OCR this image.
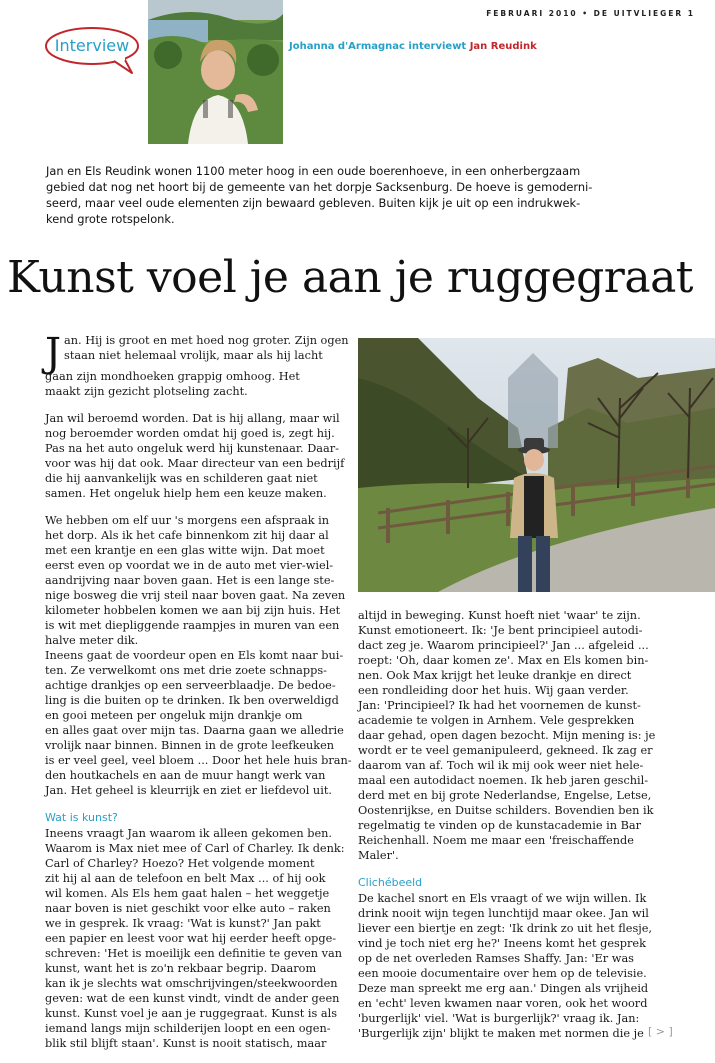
FEBRUARI 2010 • DE UITVLIEGER 1
Interview	Johanna d'Armagnac interviewt Jan Reudink
Jan en Els Reudink wonen 1100 meter hoog in een oude boerenhoeve, in een onherbergzaam
gebied dat nog net hoort bij de gemeente van het dorpje Sacksenburg. De hoeve is gemoderni-
seerd, maar veel oude elementen zijn bewaard gebleven. Buiten kijk je uit op een indrukwek-
kend grote rotspelonk.
Kunst voel je aan je ruggegraat

J an. Hij is groot en met hoed nog groter. Zijn ogen
staan niet helemaal vrolijk, maar als hij lacht
gaan zijn mondhoeken grappig omhoog. Het
maakt zijn gezicht plotseling zacht.

Jan wil beroemd worden. Dat is hij allang, maar wil
nog beroemder worden omdat hij goed is, zegt hij.
Pas na het auto ongeluk werd hij kunstenaar. Daar-
voor was hij dat ook. Maar directeur van een bedrijf
die hij aanvankelijk was en schilderen gaat niet
samen. Het ongeluk hielp hem een keuze maken.

We hebben om elf uur 's morgens een afspraak in
het dorp. Als ik het cafe binnenkom zit hij daar al
met een krantje en een glas witte wijn. Dat moet
eerst even op voordat we in de auto met vier-wiel-
aandrijving naar boven gaan. Het is een lange ste-
nige bosweg die vrij steil naar boven gaat. Na zeven
kilometer hobbelen komen we aan bij zijn huis. Het
is wit met diepliggende raampjes in muren van een
halve meter dik.
Ineens gaat de voordeur open en Els komt naar bui-
ten. Ze verwelkomt ons met drie zoete schnapps-
achtige drankjes op een serveerblaadje. De bedoe-
ling is die buiten op te drinken. Ik ben overweldigd
en gooi meteen per ongeluk mijn drankje om
en alles gaat over mijn tas. Daarna gaan we alledrie
vrolijk naar binnen. Binnen in de grote leefkeuken
is er veel geel, veel bloem ... Door het hele huis bran-
den houtkachels en aan de muur hangt werk van
Jan. Het geheel is kleurrijk en ziet er liefdevol uit.

Wat is kunst?

Ineens vraagt Jan waarom ik alleen gekomen ben.
Waarom is Max niet mee of Carl of Charley. Ik denk:
Carl of Charley? Hoezo? Het volgende moment
zit hij al aan de telefoon en belt Max ... of hij ook
wil komen. Als Els hem gaat halen – het weggetje
naar boven is niet geschikt voor elke auto – raken
we in gesprek. Ik vraag: 'Wat is kunst?' Jan pakt
een papier en leest voor wat hij eerder heeft opge-
schreven: 'Het is moeilijk een definitie te geven van
kunst, want het is zo'n rekbaar begrip. Daarom
kan ik je slechts wat omschrijvingen/steekwoorden
geven: wat de een kunst vindt, vindt de ander geen
kunst. Kunst voel je aan je ruggegraat. Kunst is als
iemand langs mijn schilderijen loopt en een ogen-
blik stil blijft staan'. Kunst is nooit statisch, maar

altijd in beweging. Kunst hoeft niet 'waar' te zijn.
Kunst emotioneert. Ik: 'Je bent principieel autodi-
dact zeg je. Waarom principieel?' Jan ... afgeleid ...
roept: 'Oh, daar komen ze'. Max en Els komen bin-
nen. Ook Max krijgt het leuke drankje en direct
een rondleiding door het huis. Wij gaan verder.
Jan: 'Principieel? Ik had het voornemen de kunst-
academie te volgen in Arnhem. Vele gesprekken
daar gehad, open dagen bezocht. Mijn mening is: je
wordt er te veel gemanipuleerd, gekneed. Ik zag er
daarom van af. Toch wil ik mij ook weer niet hele-
maal een autodidact noemen. Ik heb jaren geschil-
derd met en bij grote Nederlandse, Engelse, Letse,
Oostenrijkse, en Duitse schilders. Bovendien ben ik
regelmatig te vinden op de kunstacademie in Bar
Reichenhall. Noem me maar een 'freischaffende
Maler'.

Clichébeeld

De kachel snort en Els vraagt of we wijn willen. Ik
drink nooit wijn tegen lunchtijd maar okee. Jan wil
liever een biertje en zegt: 'Ik drink zo uit het flesje,
vind je toch niet erg he?' Ineens komt het gesprek
op de net overleden Ramses Shaffy. Jan: 'Er was
een mooie documentaire over hem op de televisie.
Deze man spreekt me erg aan.' Dingen als vrijheid
en 'echt' leven kwamen naar voren, ook het woord
'burgerlijk' viel. 'Wat is burgerlijk?' vraag ik. Jan:
'Burgerlijk zijn' blijkt te maken met normen die je [ > ]
